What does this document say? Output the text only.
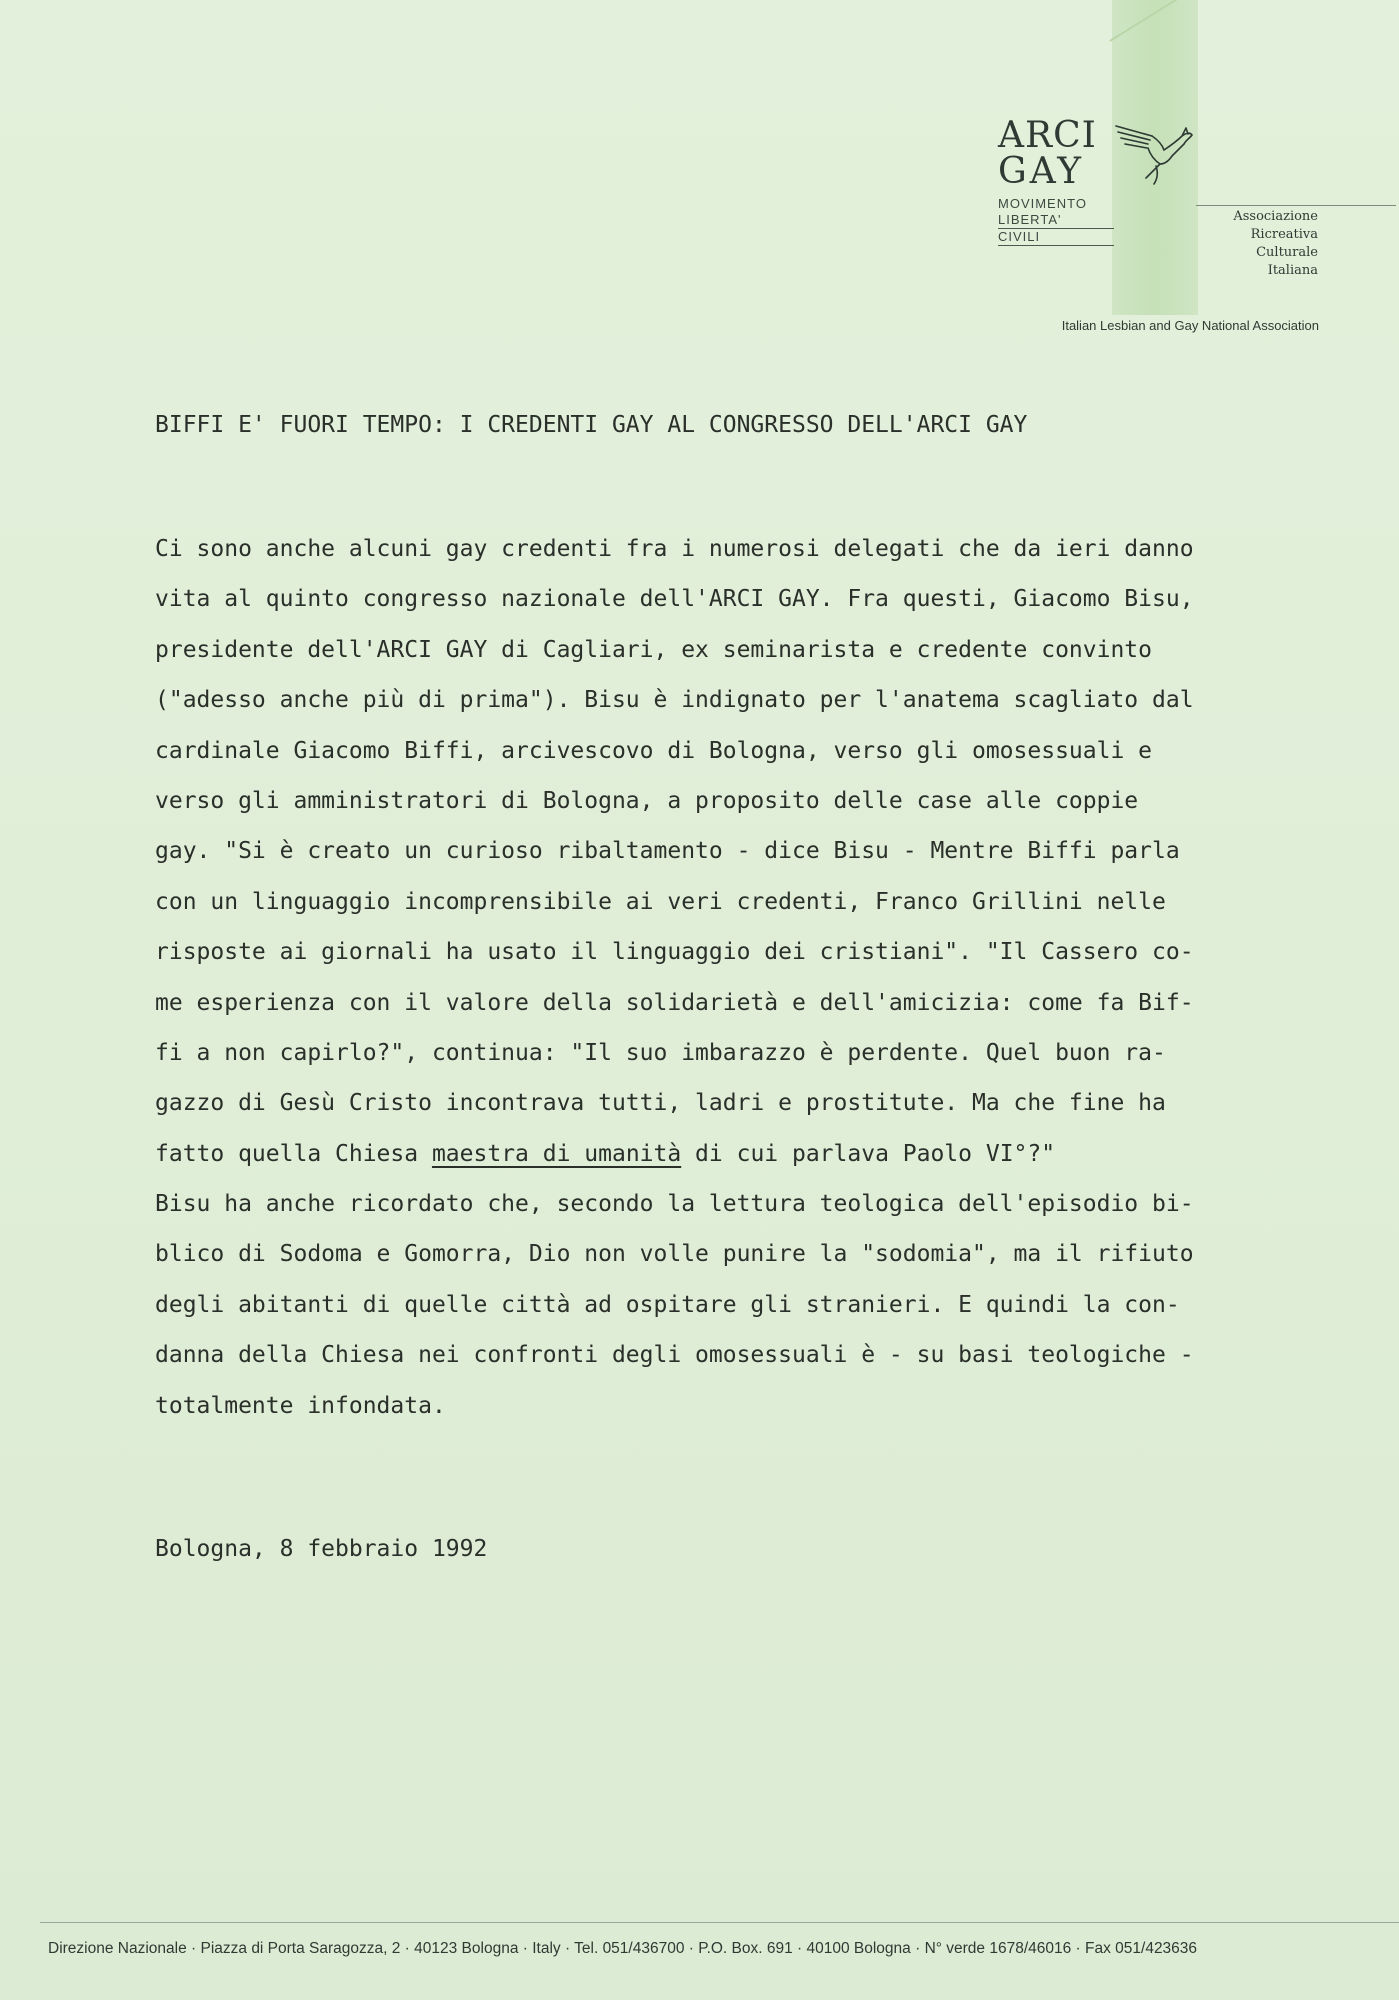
ARCI
GAY
MOVIMENTO
LIBERTA'
CIVILI
Associazione
Ricreativa
Culturale
Italiana
Italian Lesbian and Gay National Association
BIFFI E' FUORI TEMPO: I CREDENTI GAY AL CONGRESSO DELL'ARCI GAY
Ci sono anche alcuni gay credenti fra i numerosi delegati che da ieri danno
vita al quinto congresso nazionale dell'ARCI GAY. Fra questi, Giacomo Bisu,
presidente dell'ARCI GAY di Cagliari, ex seminarista e credente convinto
("adesso anche più di prima"). Bisu è indignato per l'anatema scagliato dal
cardinale Giacomo Biffi, arcivescovo di Bologna, verso gli omosessuali e
verso gli amministratori di Bologna, a proposito delle case alle coppie
gay. "Si è creato un curioso ribaltamento - dice Bisu - Mentre Biffi parla
con un linguaggio incomprensibile ai veri credenti, Franco Grillini nelle
risposte ai giornali ha usato il linguaggio dei cristiani". "Il Cassero co-
me esperienza con il valore della solidarietà e dell'amicizia: come fa Bif-
fi a non capirlo?", continua: "Il suo imbarazzo è perdente. Quel buon ra-
gazzo di Gesù Cristo incontrava tutti, ladri e prostitute. Ma che fine ha
fatto quella Chiesa maestra di umanità di cui parlava Paolo VI°?"
Bisu ha anche ricordato che, secondo la lettura teologica dell'episodio bi-
blico di Sodoma e Gomorra, Dio non volle punire la "sodomia", ma il rifiuto
degli abitanti di quelle città ad ospitare gli stranieri. E quindi la con-
danna della Chiesa nei confronti degli omosessuali è - su basi teologiche -
totalmente infondata.
Bologna, 8 febbraio 1992
Direzione Nazionale · Piazza di Porta Saragozza, 2 · 40123 Bologna · Italy · Tel. 051/436700 · P.O. Box. 691 · 40100 Bologna · N° verde 1678/46016 · Fax 051/423636
